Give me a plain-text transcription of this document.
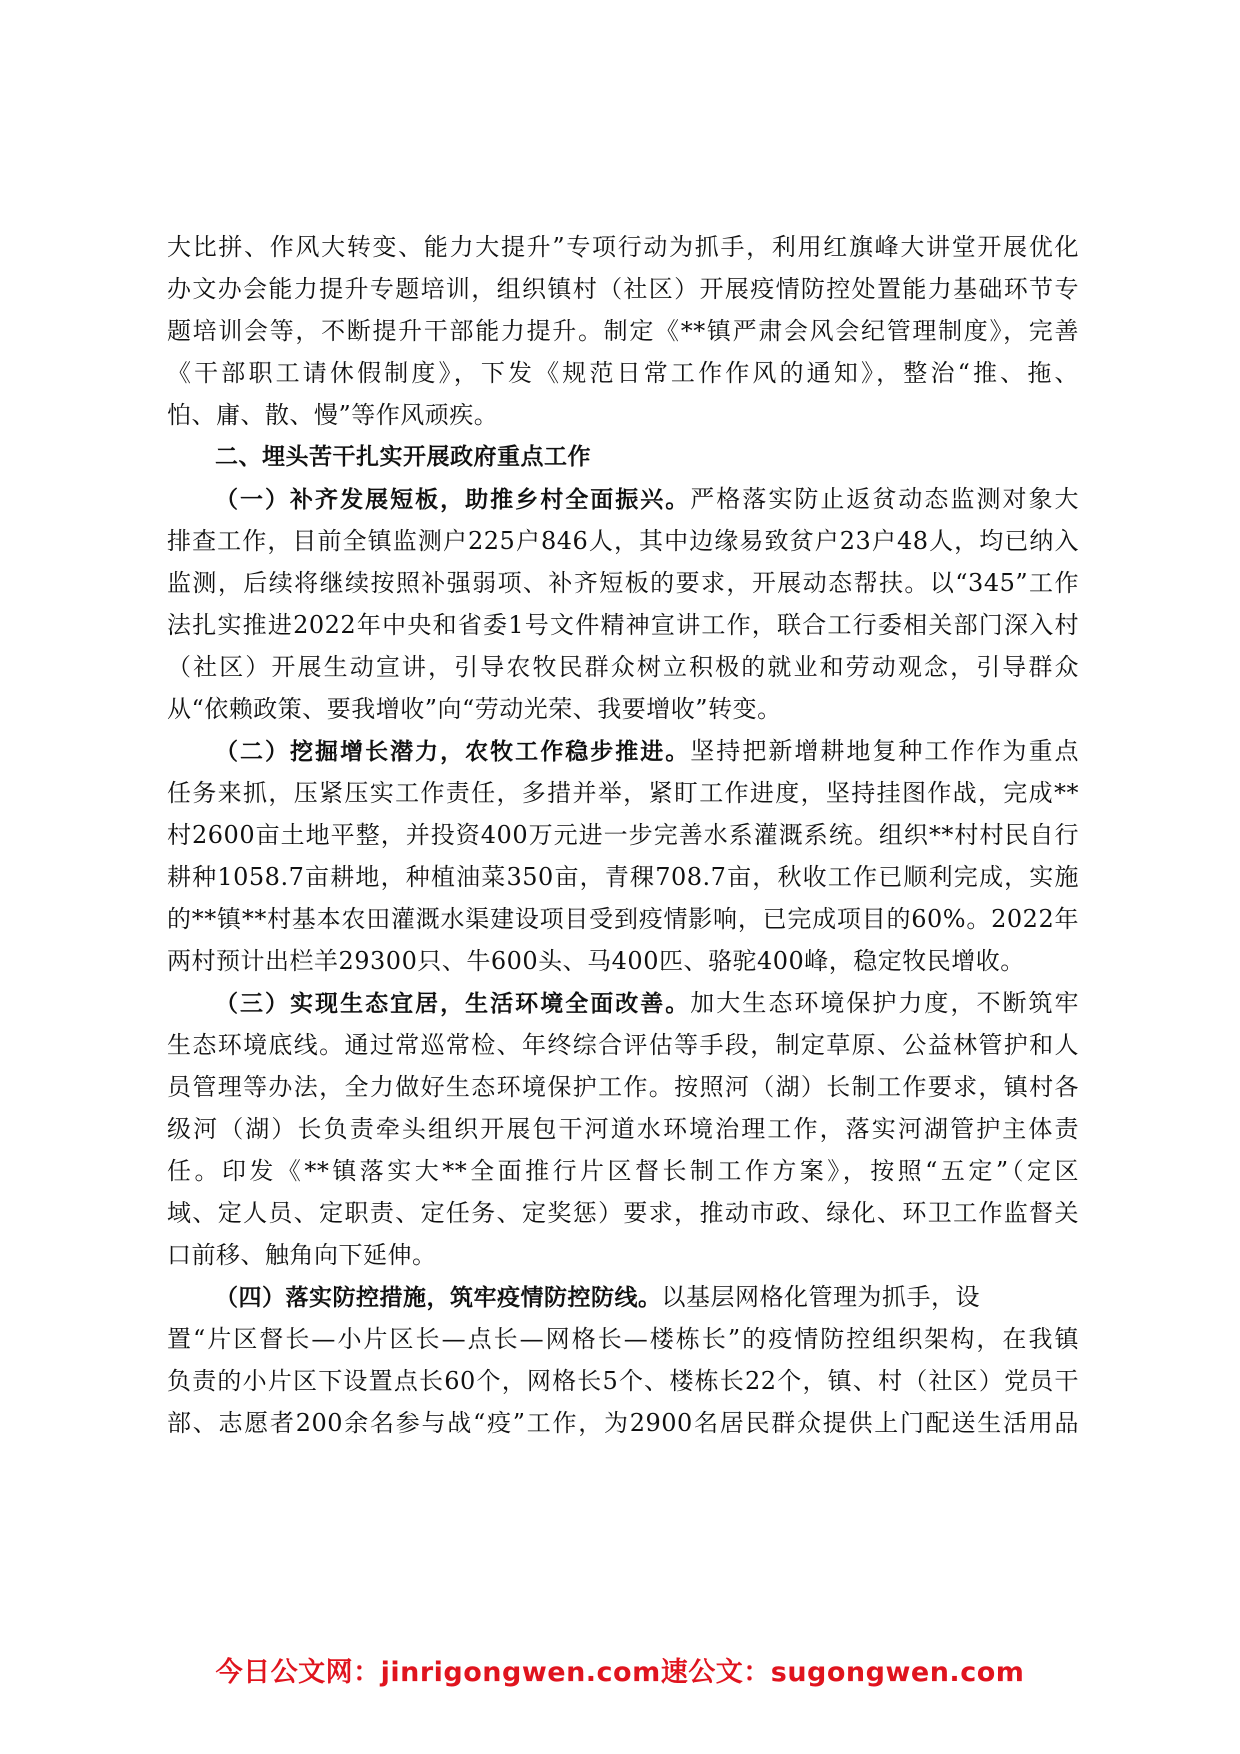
大比拼、作风大转变、能力大提升”专项行动为抓手，利用红旗峰大讲堂开展优化
办文办会能力提升专题培训，组织镇村（社区）开展疫情防控处置能力基础环节专
题培训会等，不断提升干部能力提升。制定《**镇严肃会风会纪管理制度》，完善
《干部职工请休假制度》，下发《规范日常工作作风的通知》，整治“推、拖、
怕、庸、散、慢”等作风顽疾。
二、埋头苦干扎实开展政府重点工作
（一）补齐发展短板，助推乡村全面振兴。严格落实防止返贫动态监测对象大
排查工作，目前全镇监测户225户846人，其中边缘易致贫户23户48人，均已纳入
监测，后续将继续按照补强弱项、补齐短板的要求，开展动态帮扶。以“345”工作
法扎实推进2022年中央和省委1号文件精神宣讲工作，联合工行委相关部门深入村
（社区）开展生动宣讲，引导农牧民群众树立积极的就业和劳动观念，引导群众
从“依赖政策、要我增收”向“劳动光荣、我要增收”转变。
（二）挖掘增长潜力，农牧工作稳步推进。坚持把新增耕地复种工作作为重点
任务来抓，压紧压实工作责任，多措并举，紧盯工作进度，坚持挂图作战，完成**
村2600亩土地平整，并投资400万元进一步完善水系灌溉系统。组织**村村民自行
耕种1058.7亩耕地，种植油菜350亩，青稞708.7亩，秋收工作已顺利完成，实施
的**镇**村基本农田灌溉水渠建设项目受到疫情影响，已完成项目的60%。2022年
两村预计出栏羊29300只、牛600头、马400匹、骆驼400峰，稳定牧民增收。
（三）实现生态宜居，生活环境全面改善。加大生态环境保护力度，不断筑牢
生态环境底线。通过常巡常检、年终综合评估等手段，制定草原、公益林管护和人
员管理等办法，全力做好生态环境保护工作。按照河（湖）长制工作要求，镇村各
级河（湖）长负责牵头组织开展包干河道水环境治理工作，落实河湖管护主体责
任。印发《**镇落实大**全面推行片区督长制工作方案》，按照“五定”（定区
域、定人员、定职责、定任务、定奖惩）要求，推动市政、绿化、环卫工作监督关
口前移、触角向下延伸。
（四）落实防控措施，筑牢疫情防控防线。以基层网格化管理为抓手，设
置“片区督长—小片区长—点长—网格长—楼栋长”的疫情防控组织架构，在我镇
负责的小片区下设置点长60个，网格长5个、楼栋长22个，镇、村（社区）党员干
部、志愿者200余名参与战“疫”工作，为2900名居民群众提供上门配送生活用品
今日公文网：jinrigongwen.com速公文：sugongwen.com
